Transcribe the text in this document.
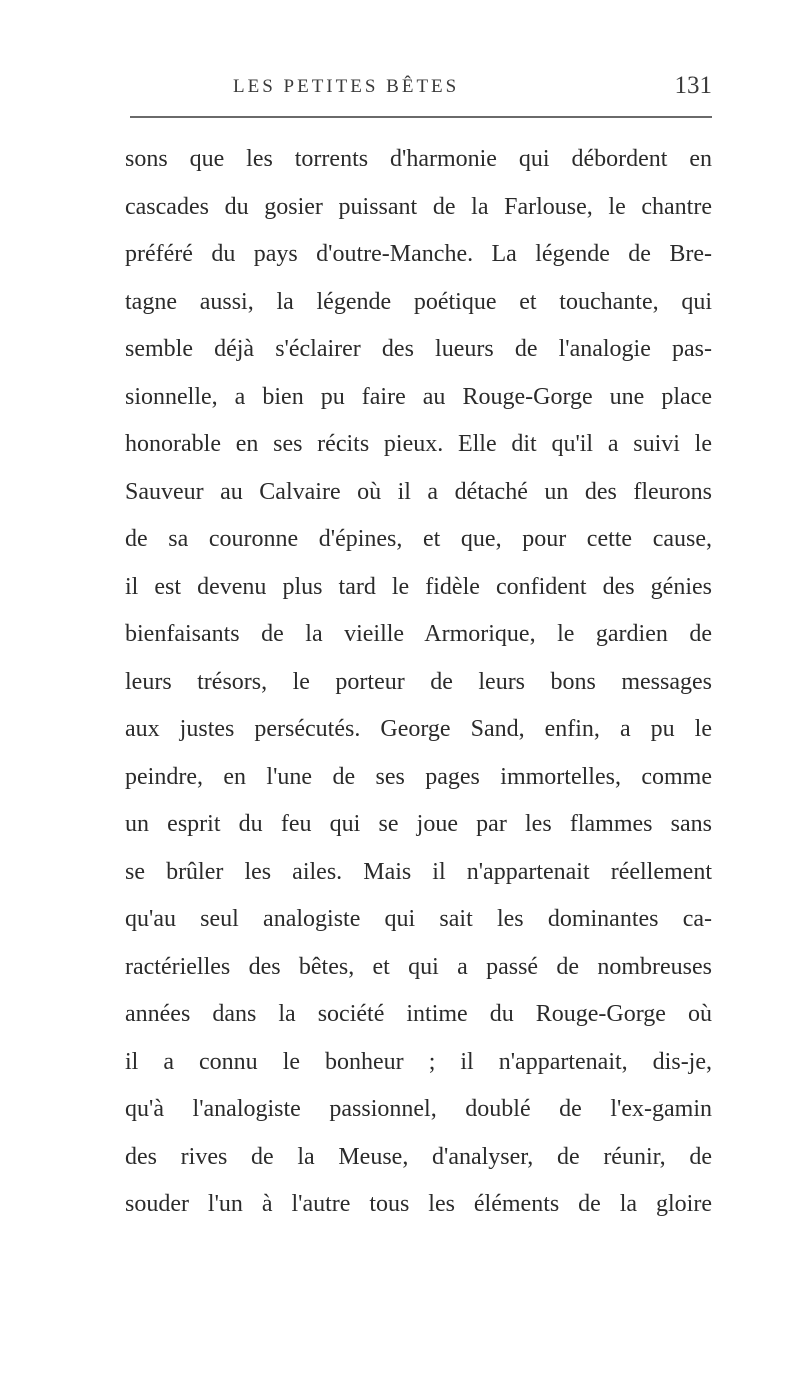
LES PETITES BÊTES	131
sons que les torrents d'harmonie qui débordent en
cascades du gosier puissant de la Farlouse, le chantre
préféré du pays d'outre-Manche. La légende de Bre-
tagne aussi, la légende poétique et touchante, qui
semble déjà s'éclairer des lueurs de l'analogie pas-
sionnelle, a bien pu faire au Rouge-Gorge une place
honorable en ses récits pieux. Elle dit qu'il a suivi le
Sauveur au Calvaire où il a détaché un des fleurons
de sa couronne d'épines, et que, pour cette cause,
il est devenu plus tard le fidèle confident des génies
bienfaisants de la vieille Armorique, le gardien de
leurs trésors, le porteur de leurs bons messages
aux justes persécutés. George Sand, enfin, a pu le
peindre, en l'une de ses pages immortelles, comme
un esprit du feu qui se joue par les flammes sans
se brûler les ailes. Mais il n'appartenait réellement
qu'au seul analogiste qui sait les dominantes ca-
ractérielles des bêtes, et qui a passé de nombreuses
années dans la société intime du Rouge-Gorge où
il a connu le bonheur ; il n'appartenait, dis-je,
qu'à l'analogiste passionnel, doublé de l'ex-gamin
des rives de la Meuse, d'analyser, de réunir, de
souder l'un à l'autre tous les éléments de la gloire
